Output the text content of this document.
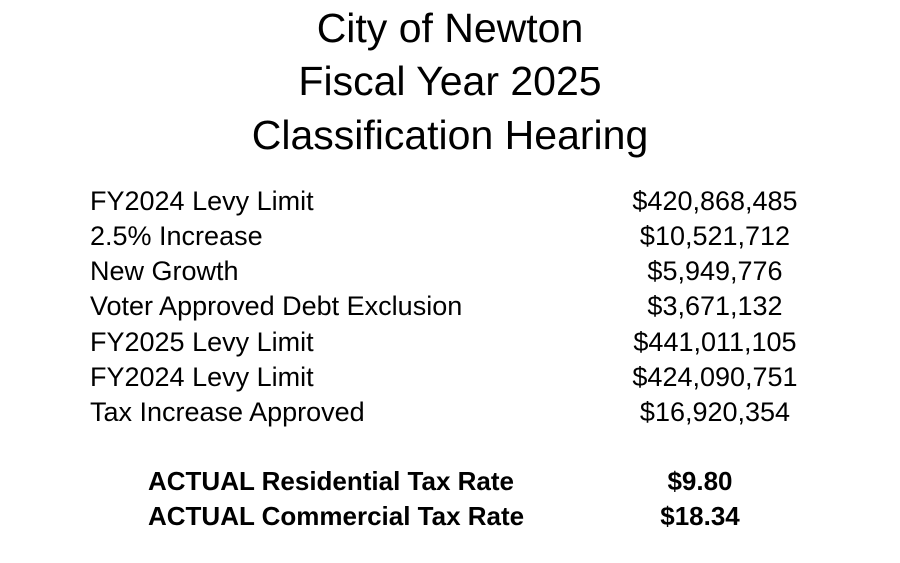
City of Newton
Fiscal Year 2025
Classification Hearing
FY2024 Levy Limit	$420,868,485
2.5% Increase	$10,521,712
New Growth	$5,949,776
Voter Approved Debt Exclusion	$3,671,132
FY2025 Levy Limit	$441,011,105
FY2024 Levy Limit	$424,090,751
Tax Increase Approved	$16,920,354
ACTUAL Residential Tax Rate	$9.80
ACTUAL Commercial Tax Rate	$18.34
